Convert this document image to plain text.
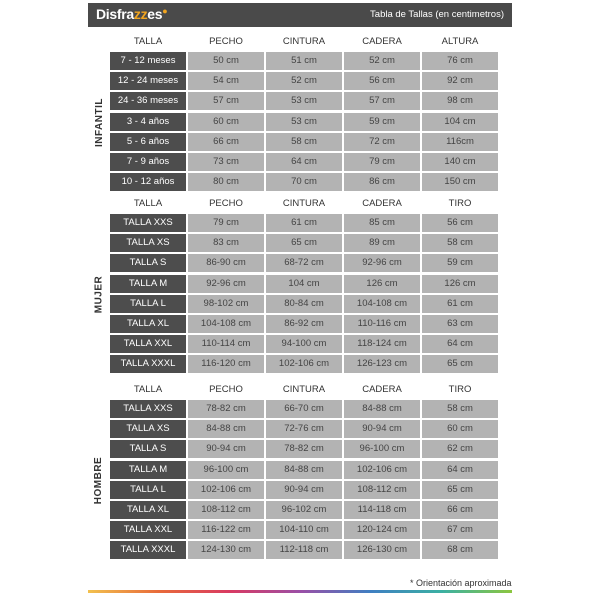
Disfrazzes●	Tabla de Tallas (en centimetros)
INFANTIL
TALLA	PECHO	CINTURA	CADERA	ALTURA
7 - 12 meses	50 cm	51 cm	52 cm	76 cm
12 - 24 meses	54 cm	52 cm	56 cm	92 cm
24 - 36 meses	57 cm	53 cm	57 cm	98 cm
3 - 4 años	60 cm	53 cm	59 cm	104 cm
5 - 6 años	66 cm	58 cm	72 cm	116cm
7 - 9 años	73 cm	64 cm	79 cm	140 cm
10 - 12 años	80 cm	70 cm	86 cm	150 cm
MUJER
TALLA	PECHO	CINTURA	CADERA	TIRO
TALLA XXS	79 cm	61 cm	85 cm	56 cm
TALLA XS	83 cm	65 cm	89 cm	58 cm
TALLA S	86-90 cm	68-72 cm	92-96 cm	59 cm
TALLA M	92-96 cm	104 cm	126 cm	126 cm
TALLA L	98-102 cm	80-84 cm	104-108 cm	61 cm
TALLA XL	104-108 cm	86-92 cm	110-116 cm	63 cm
TALLA XXL	110-114 cm	94-100 cm	118-124 cm	64 cm
TALLA XXXL	116-120 cm	102-106 cm	126-123 cm	65 cm
HOMBRE
TALLA	PECHO	CINTURA	CADERA	TIRO
TALLA XXS	78-82 cm	66-70 cm	84-88 cm	58 cm
TALLA XS	84-88 cm	72-76 cm	90-94 cm	60 cm
TALLA S	90-94 cm	78-82 cm	96-100 cm	62 cm
TALLA M	96-100 cm	84-88 cm	102-106 cm	64 cm
TALLA L	102-106 cm	90-94 cm	108-112 cm	65 cm
TALLA XL	108-112 cm	96-102 cm	114-118 cm	66 cm
TALLA XXL	116-122 cm	104-110 cm	120-124 cm	67 cm
TALLA XXXL	124-130 cm	112-118 cm	126-130 cm	68 cm
* Orientación aproximada
